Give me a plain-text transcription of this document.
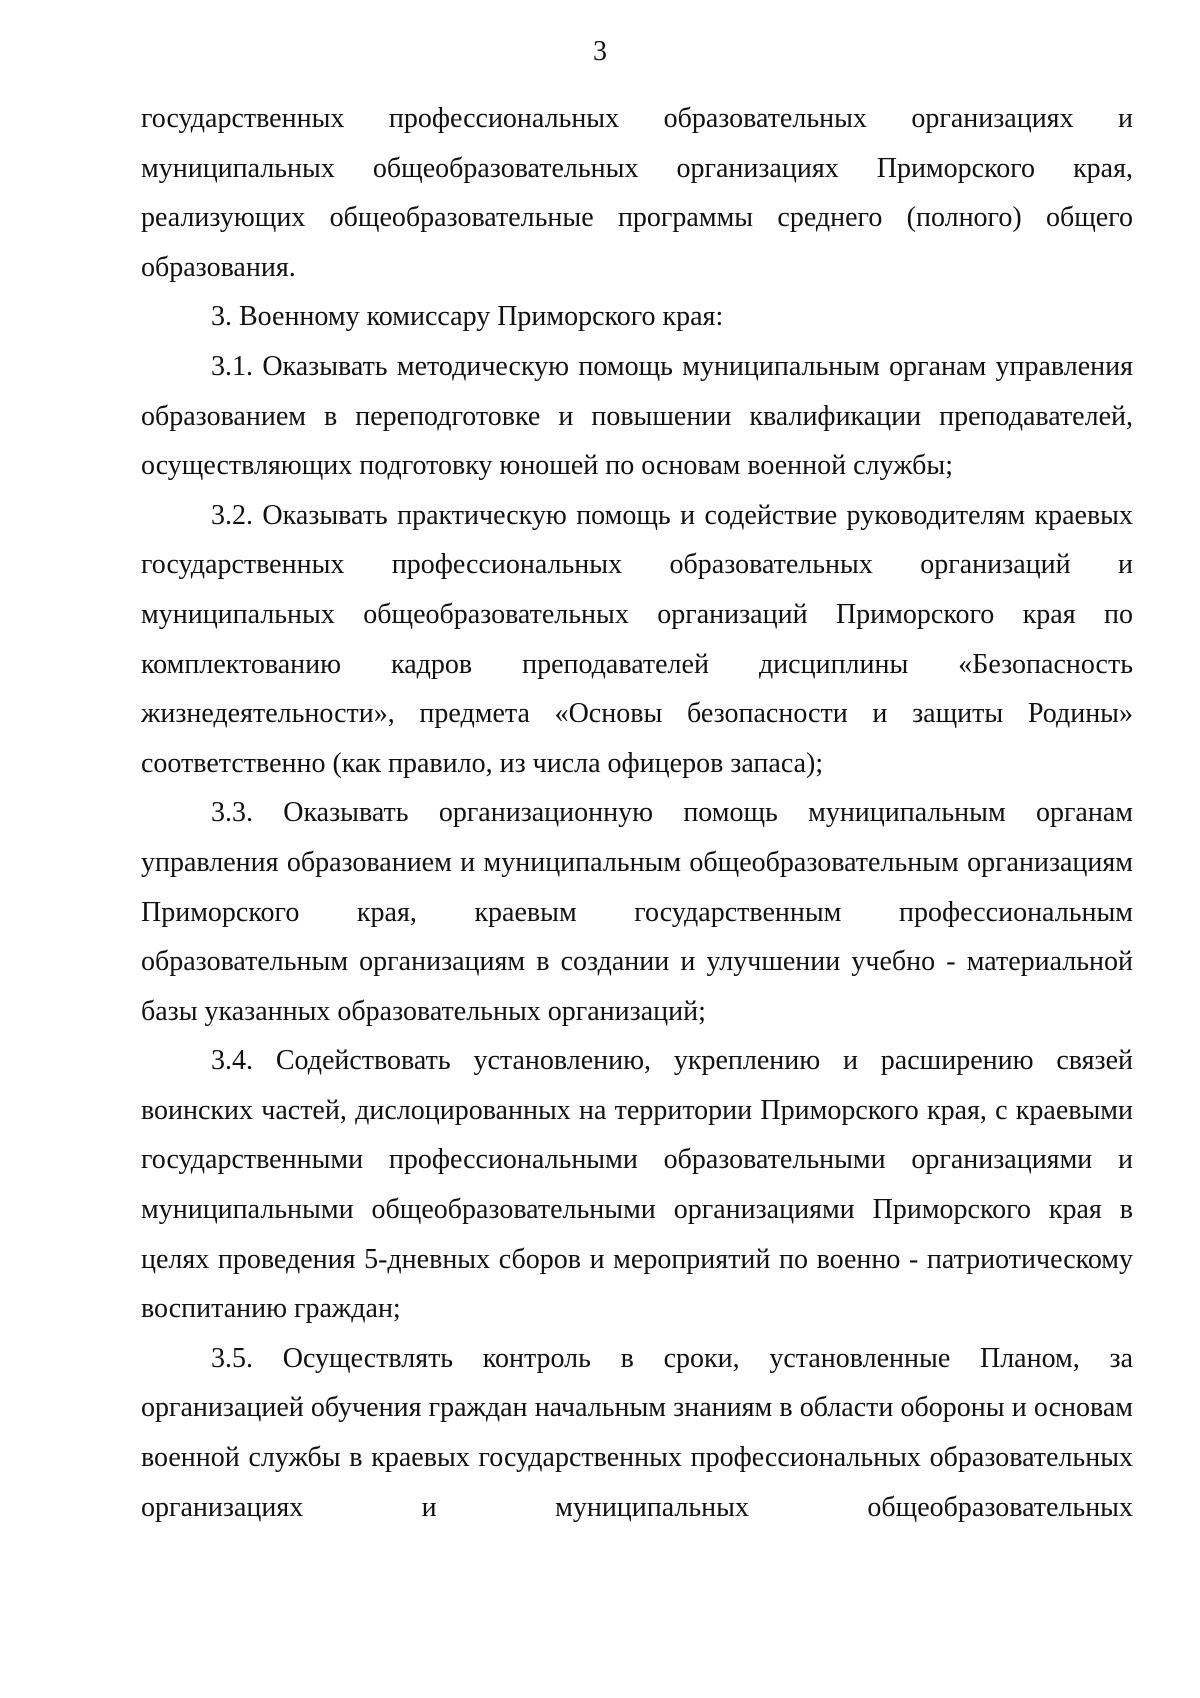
3

государственных профессиональных образовательных организациях и муниципальных общеобразовательных организациях Приморского края, реализующих общеобразовательные программы среднего (полного) общего образования.

3. Военному комиссару Приморского края:

3.1. Оказывать методическую помощь муниципальным органам управления образованием в переподготовке и повышении квалификации преподавателей, осуществляющих подготовку юношей по основам военной службы;

3.2. Оказывать практическую помощь и содействие руководителям краевых государственных профессиональных образовательных организаций и муниципальных общеобразовательных организаций Приморского края по комплектованию кадров преподавателей дисциплины «Безопасность жизнедеятельности», предмета «Основы безопасности и защиты Родины» соответственно (как правило, из числа офицеров запаса);

3.3. Оказывать организационную помощь муниципальным органам управления образованием и муниципальным общеобразовательным организациям Приморского края, краевым государственным профессиональным образовательным организациям в создании и улучшении учебно - материальной базы указанных образовательных организаций;

3.4. Содействовать установлению, укреплению и расширению связей воинских частей, дислоцированных на территории Приморского края, с краевыми государственными профессиональными образовательными организациями и муниципальными общеобразовательными организациями Приморского края в целях проведения 5-дневных сборов и мероприятий по военно - патриотическому воспитанию граждан;

3.5. Осуществлять контроль в сроки, установленные Планом, за организацией обучения граждан начальным знаниям в области обороны и основам военной службы в краевых государственных профессиональных образовательных организациях и муниципальных общеобразовательных
